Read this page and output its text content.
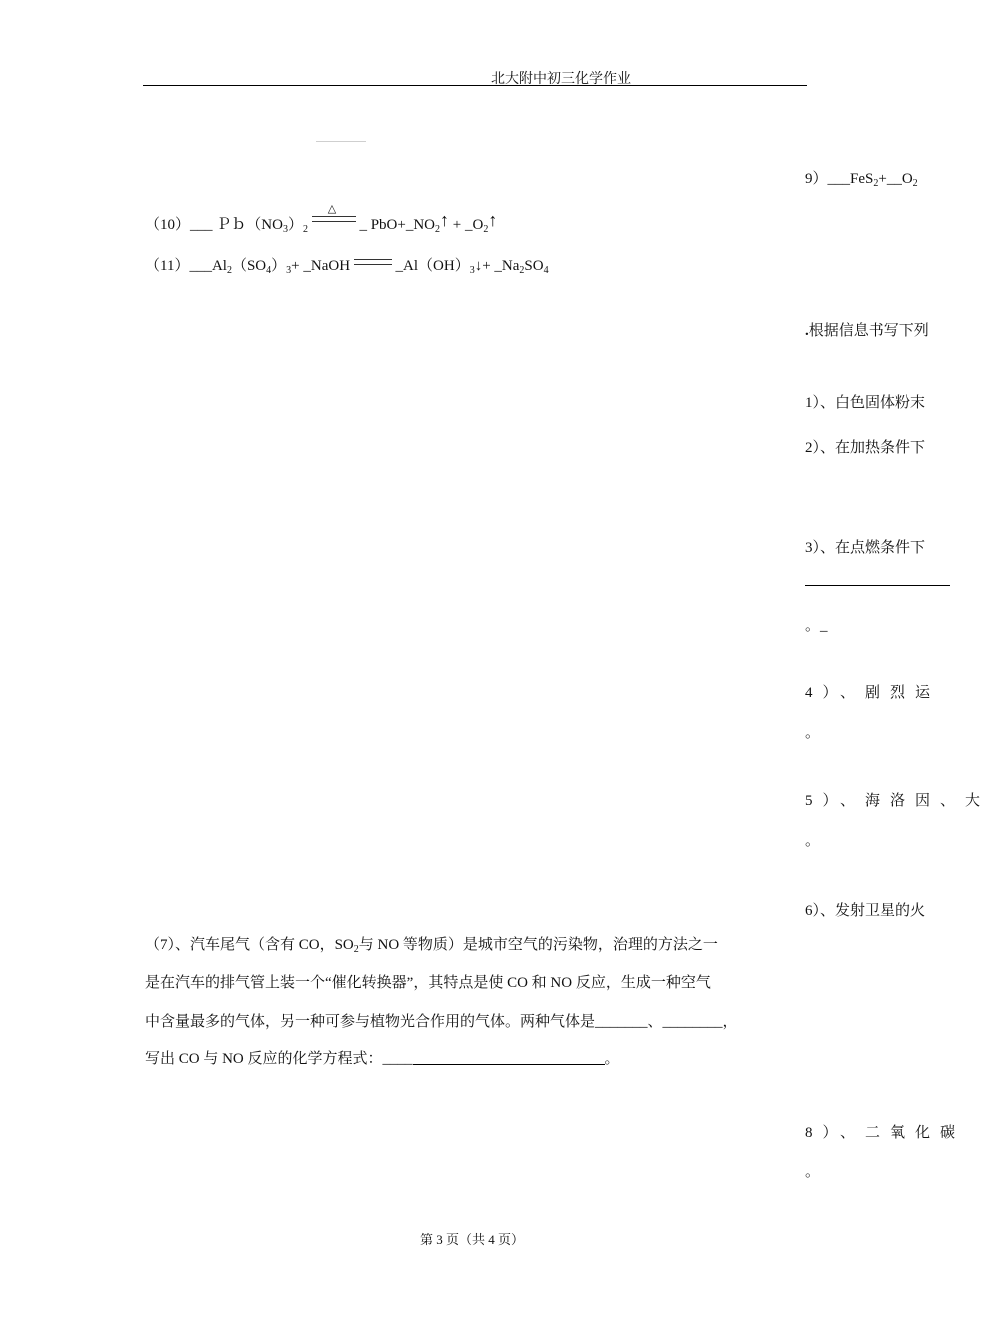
北大附中初三化学作业
$9)\_\_\_FeS_2+\_\_O_2$
.根据信息书写下列
1）、白色固体粉末
2）、在加热条件下
3）、在点燃条件下
。_
4）、剧烈运
。
5）、海洛因、大
。
6）、发射卫星的火
8）、二氧化碳
。
（10）___ $Pb(NO_3)_2$
△
_ $PbO+\_NO_2↑$ + $\_O_2↑$
$(11)\_\_\_Al_2(SO_4)_3+$ _NaOH	$\_Al(OH)_3↓+$ $\_Na_2SO_4$
（7）、汽车尾气（含有 CO，$SO_2$与 NO 等物质）是城市空气的污染物，治理的方法之一
是在汽车的排气管上装一个“催化转换器”，其特点是使 CO 和 NO 反应，生成一种空气
中含量最多的气体，另一种可参与植物光合作用的气体。两种气体是_______、________，
写出 CO 与 NO 反应的化学方程式：____	。
第 3 页（共 4 页）
